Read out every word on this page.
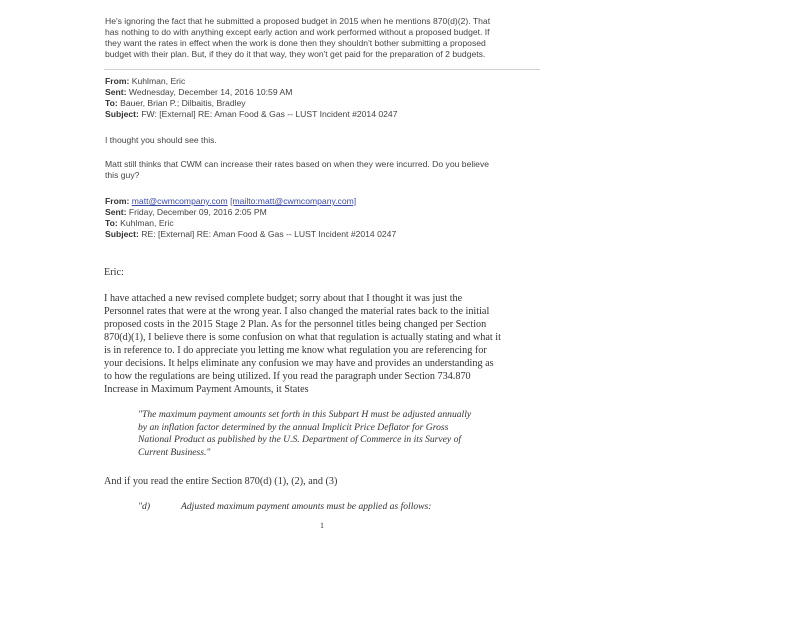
He's ignoring the fact that he submitted a proposed budget in 2015 when he mentions 870(d)(2). That
has nothing to do with anything except early action and work performed without a proposed budget. If
they want the rates in effect when the work is done then they shouldn't bother submitting a proposed
budget with their plan. But, if they do it that way, they won't get paid for the preparation of 2 budgets.
From: Kuhlman, Eric
Sent: Wednesday, December 14, 2016 10:59 AM
To: Bauer, Brian P.; Dilbaitis, Bradley
Subject: FW: [External] RE: Aman Food & Gas -- LUST Incident #2014 0247
I thought you should see this.
Matt still thinks that CWM can increase their rates based on when they were incurred. Do you believe
this guy?
From: matt@cwmcompany.com [mailto:matt@cwmcompany.com]
Sent: Friday, December 09, 2016 2:05 PM
To: Kuhlman, Eric
Subject: RE: [External] RE: Aman Food & Gas -- LUST Incident #2014 0247
Eric:
I have attached a new revised complete budget; sorry about that I thought it was just the
Personnel rates that were at the wrong year. I also changed the material rates back to the initial
proposed costs in the 2015 Stage 2 Plan. As for the personnel titles being changed per Section
870(d)(1), I believe there is some confusion on what that regulation is actually stating and what it
is in reference to. I do appreciate you letting me know what regulation you are referencing for
your decisions. It helps eliminate any confusion we may have and provides an understanding as
to how the regulations are being utilized. If you read the paragraph under Section 734.870
Increase in Maximum Payment Amounts, it States
"The maximum payment amounts set forth in this Subpart H must be adjusted annually
by an inflation factor determined by the annual Implicit Price Deflator for Gross
National Product as published by the U.S. Department of Commerce in its Survey of
Current Business."
And if you read the entire Section 870(d) (1), (2), and (3)
"d)	Adjusted maximum payment amounts must be applied as follows:
1
